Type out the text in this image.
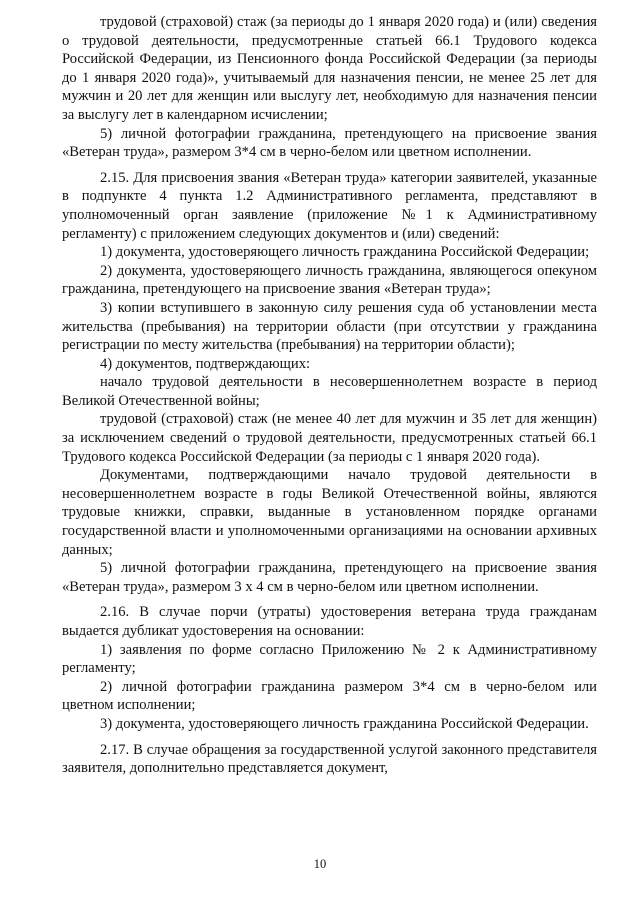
трудовой (страховой) стаж (за периоды до 1 января 2020 года) и (или) сведения о трудовой деятельности, предусмотренные статьей 66.1 Трудового кодекса Российской Федерации, из Пенсионного фонда Российской Федерации (за периоды до 1 января 2020 года)», учитываемый для назначения пенсии, не менее 25 лет для мужчин и 20 лет для женщин или выслугу лет, необходимую для назначения пенсии за выслугу лет в календарном исчислении;

5) личной фотографии гражданина, претендующего на присвоение звания «Ветеран труда», размером 3*4 см в черно-белом или цветном исполнении.

2.15. Для присвоения звания «Ветеран труда» категории заявителей, указанные в подпункте 4 пункта 1.2 Административного регламента, представляют в уполномоченный орган заявление (приложение №1 к Административному регламенту) с приложением следующих документов и (или) сведений:

1) документа, удостоверяющего личность гражданина Российской Федерации;

2) документа, удостоверяющего личность гражданина, являющегося опекуном гражданина, претендующего на присвоение звания «Ветеран труда»;

3) копии вступившего в законную силу решения суда об установлении места жительства (пребывания) на территории области (при отсутствии у гражданина регистрации по месту жительства (пребывания) на территории области);

4) документов, подтверждающих:

начало трудовой деятельности в несовершеннолетнем возрасте в период Великой Отечественной войны;

трудовой (страховой) стаж (не менее 40 лет для мужчин и 35 лет для женщин) за исключением сведений о трудовой деятельности, предусмотренных статьей 66.1 Трудового кодекса Российской Федерации (за периоды с 1 января 2020 года).

Документами, подтверждающими начало трудовой деятельности в несовершеннолетнем возрасте в годы Великой Отечественной войны, являются трудовые книжки, справки, выданные в установленном порядке органами государственной власти и уполномоченными организациями на основании архивных данных;

5) личной фотографии гражданина, претендующего на присвоение звания «Ветеран труда», размером 3 х 4 см в черно-белом или цветном исполнении.

2.16. В случае порчи (утраты) удостоверения ветерана труда гражданам выдается дубликат удостоверения на основании:

1) заявления по форме согласно Приложению № 2 к Административному регламенту;

2) личной фотографии гражданина размером 3*4 см в черно-белом или цветном исполнении;

3) документа, удостоверяющего личность гражданина Российской Федерации.

2.17. В случае обращения за государственной услугой законного представителя заявителя, дополнительно представляется документ,

10
